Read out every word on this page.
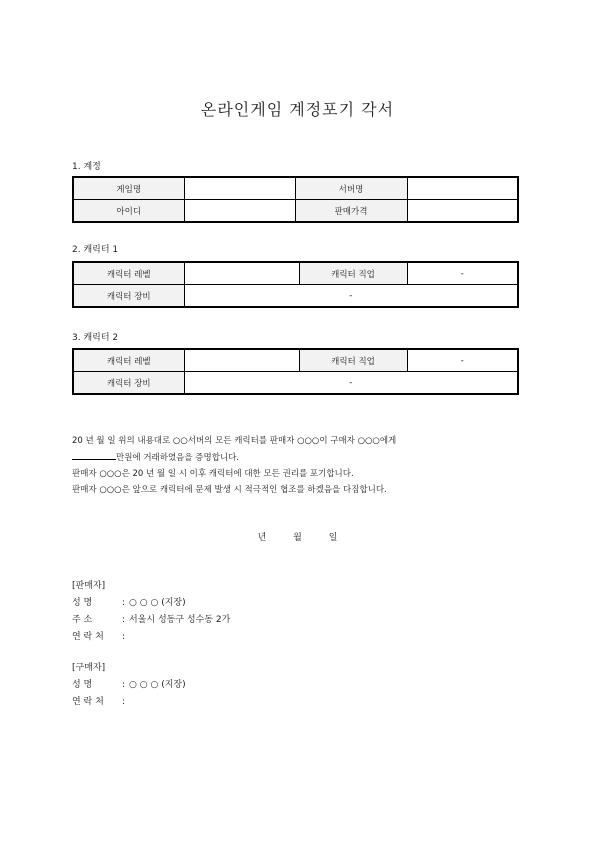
온라인게임 계정포기 각서
1. 계정
게임명		서버명	
아이디		판매가격	
2. 캐릭터 1
캐릭터 레벨		캐릭터 직업	-
캐릭터 장비	-		
3. 캐릭터 2
캐릭터 레벨		캐릭터 직업	-
캐릭터 장비	-		
20 년 월 일 위의 내용대로 ○○서버의 모든 캐릭터를 판매자 ○○○이 구매자 ○○○에게
만원에 거래하였음을 증명합니다.
판매자 ○○○은 20 년 월 일 시 이후 캐릭터에 대한 모든 권리를 포기합니다.
판매자 ○○○은 앞으로 캐릭터에 문제 발생 시 적극적인 협조를 하겠음을 다짐합니다.
년	월	일
[판매자]
성 명	: ○ ○ ○ (지장)
주 소	: 서울시 성동구 성수동 2가
연 락 처 :
[구매자]
성 명	: ○ ○ ○ (지장)
연 락 처 :
